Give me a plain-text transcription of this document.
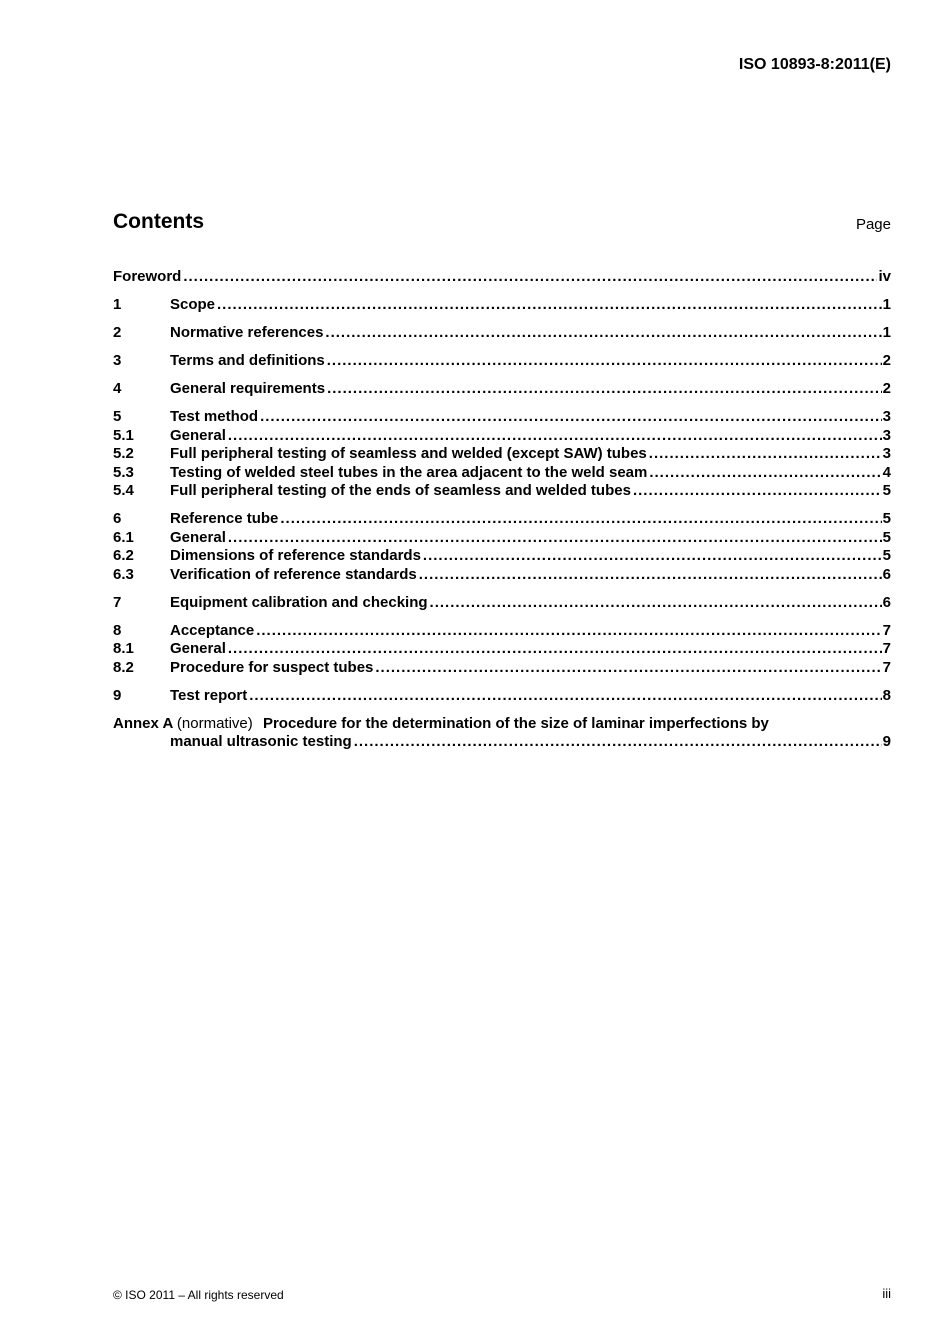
ISO 10893-8:2011(E)
Contents	Page
Foreword .....	iv
1	Scope .....	1
2	Normative references .....	1
3	Terms and definitions .....	2
4	General requirements .....	2
5	Test method .....	3
5.1	General .....	3
5.2	Full peripheral testing of seamless and welded (except SAW) tubes .....	3
5.3	Testing of welded steel tubes in the area adjacent to the weld seam .....	4
5.4	Full peripheral testing of the ends of seamless and welded tubes .....	5
6	Reference tube .....	5
6.1	General .....	5
6.2	Dimensions of reference standards .....	5
6.3	Verification of reference standards .....	6
7	Equipment calibration and checking .....	6
8	Acceptance .....	7
8.1	General .....	7
8.2	Procedure for suspect tubes .....	7
9	Test report .....	8
Annex A (normative) Procedure for the determination of the size of laminar imperfections by
manual ultrasonic testing .....	9
© ISO 2011 – All rights reserved	iii
